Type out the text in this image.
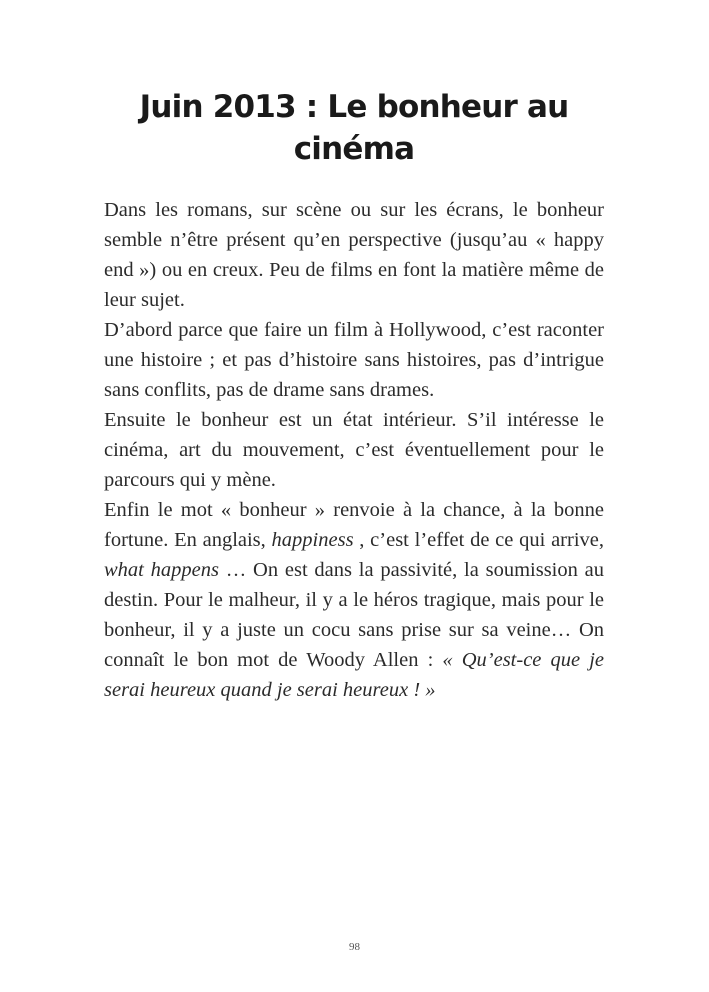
Juin 2013 : Le bonheur au cinéma

Dans les romans, sur scène ou sur les écrans, le bonheur semble n’être présent qu’en perspective (jusqu’au « happy end ») ou en creux. Peu de films en font la matière même de leur sujet.

D’abord parce que faire un film à Hollywood, c’est raconter une histoire ; et pas d’histoire sans histoires, pas d’intrigue sans conflits, pas de drame sans drames.

Ensuite le bonheur est un état intérieur. S’il intéresse le cinéma, art du mouvement, c’est éventuellement pour le parcours qui y mène.

Enfin le mot « bonheur » renvoie à la chance, à la bonne fortune. En anglais, happiness , c’est l’effet de ce qui arrive, what happens … On est dans la passivité, la soumission au destin. Pour le malheur, il y a le héros tragique, mais pour le bonheur, il y a juste un cocu sans prise sur sa veine… On connaît le bon mot de Woody Allen : « Qu’est-ce que je serai heureux quand je serai heureux ! »

98
